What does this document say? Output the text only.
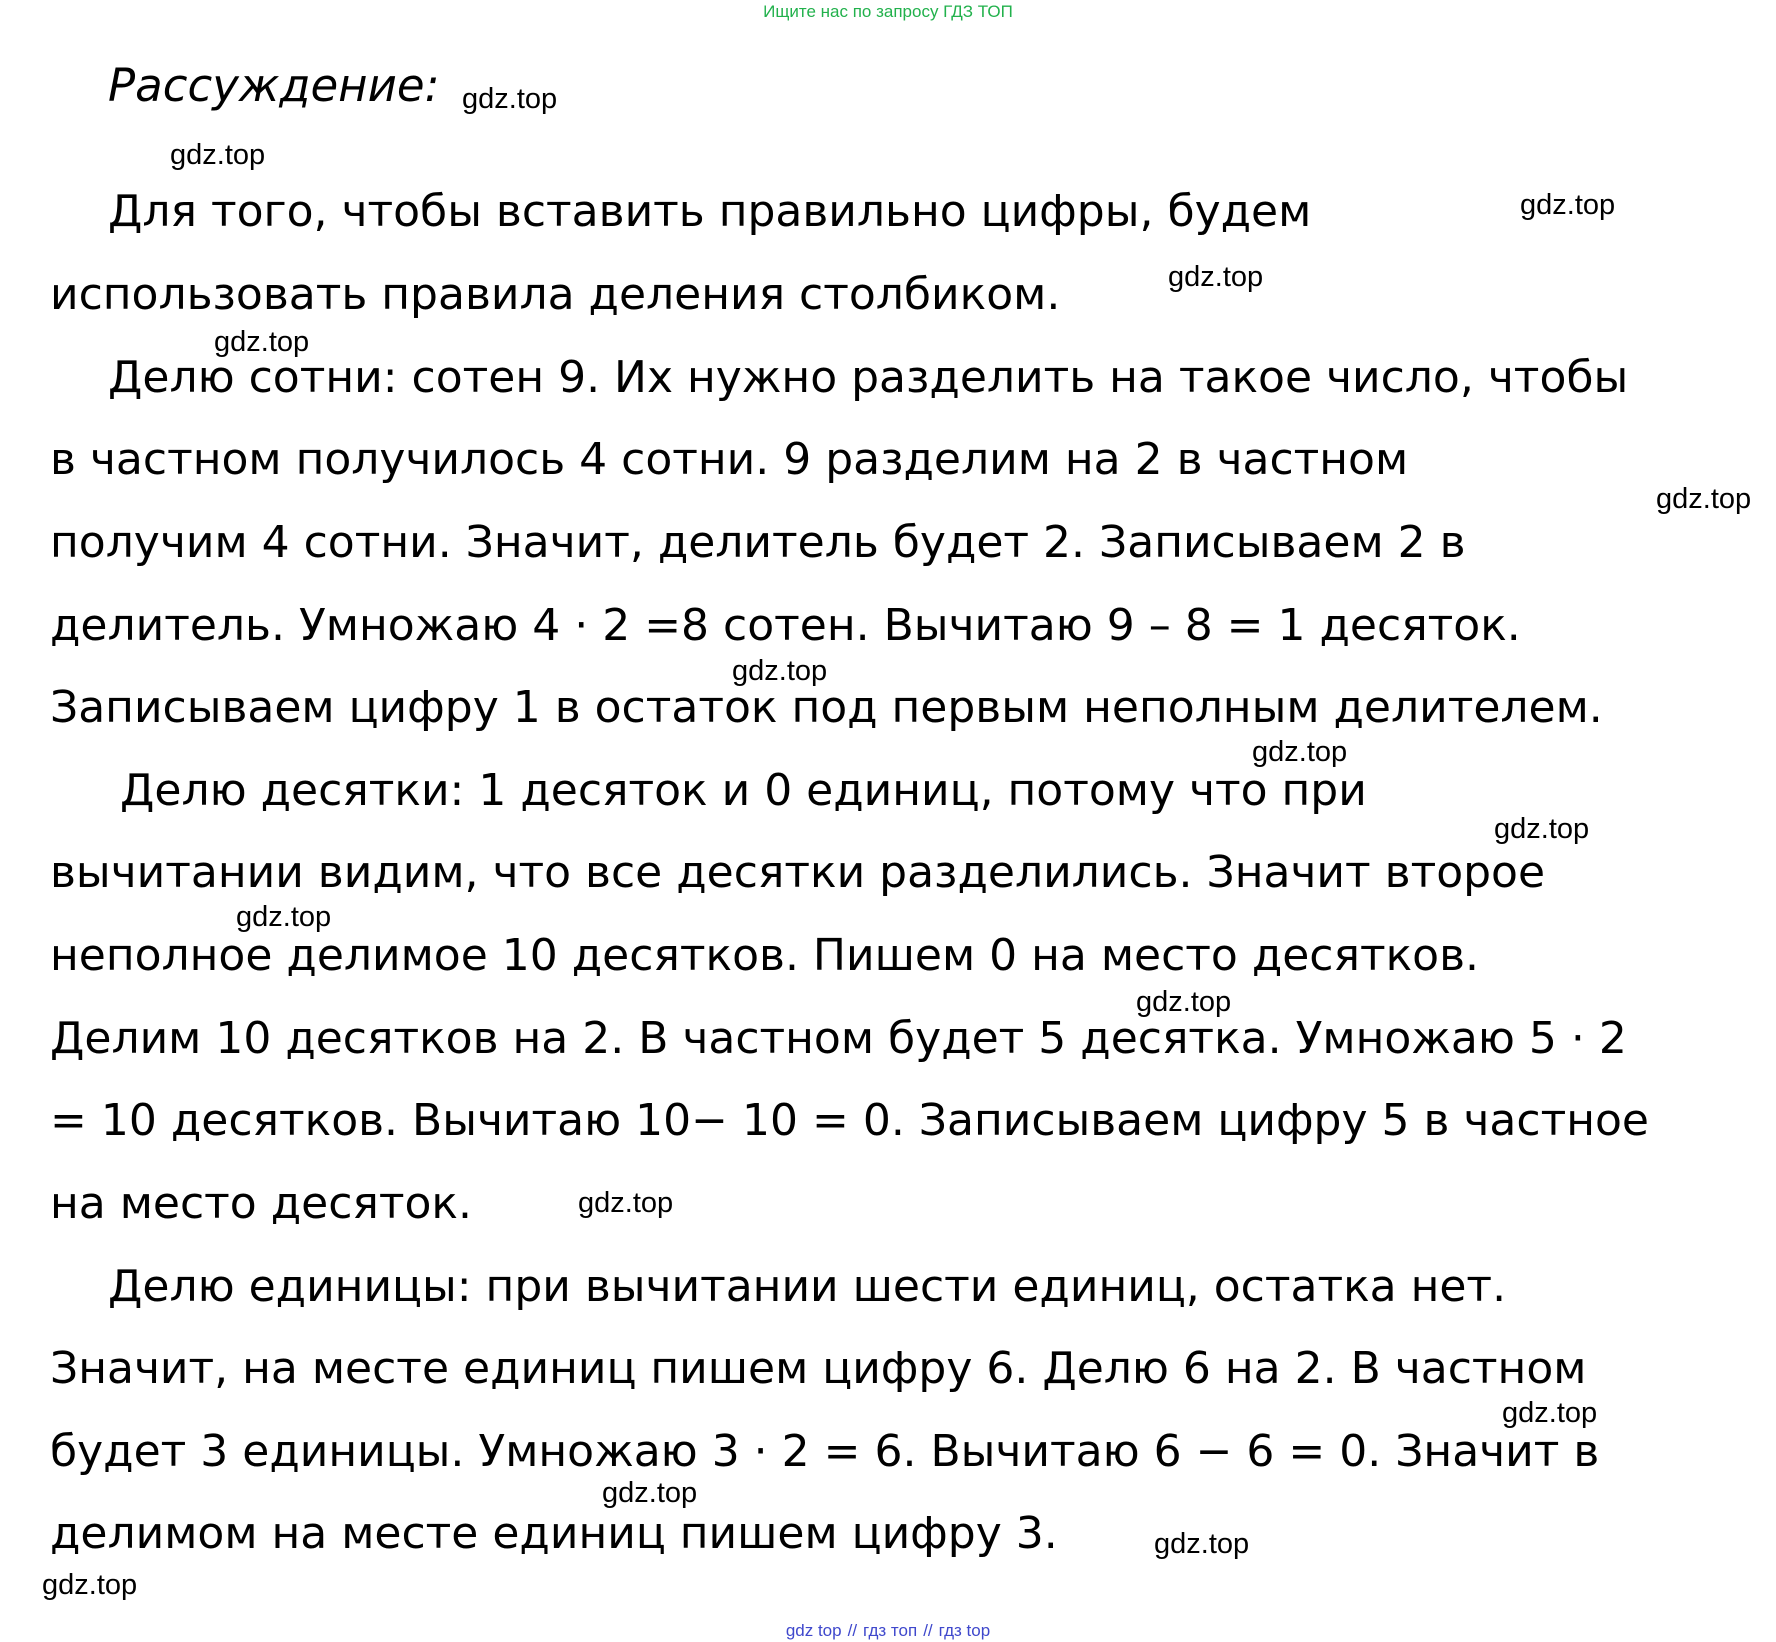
Ищите нас по запросу ГДЗ ТОП
Рассуждение:
Для того, чтобы вставить правильно цифры, будем
использовать правила деления столбиком.
Делю сотни: сотен 9. Их нужно разделить на такое число, чтобы
в частном получилось 4 сотни. 9 разделим на 2 в частном
получим 4 сотни. Значит, делитель будет 2. Записываем 2 в
делитель. Умножаю 4 · 2 =8 сотен. Вычитаю 9 – 8 = 1 десяток.
Записываем цифру 1 в остаток под первым неполным делителем.
Делю десятки: 1 десяток и 0 единиц, потому что при
вычитании видим, что все десятки разделились. Значит второе
неполное делимое 10 десятков. Пишем 0 на место десятков.
Делим 10 десятков на 2. В частном будет 5 десятка. Умножаю 5 · 2
= 10 десятков. Вычитаю 10− 10 = 0. Записываем цифру 5 в частное
на место десяток.
Делю единицы: при вычитании шести единиц, остатка нет.
Значит, на месте единиц пишем цифру 6. Делю 6 на 2. В частном
будет 3 единицы. Умножаю 3 · 2 = 6. Вычитаю 6 − 6 = 0. Значит в
делимом на месте единиц пишем цифру 3.
gdz.top
gdz.top
gdz.top
gdz.top
gdz.top
gdz.top
gdz.top
gdz.top
gdz.top
gdz.top
gdz.top
gdz.top
gdz.top
gdz.top
gdz.top
gdz.top
gdz top // гдз топ // гдз top
